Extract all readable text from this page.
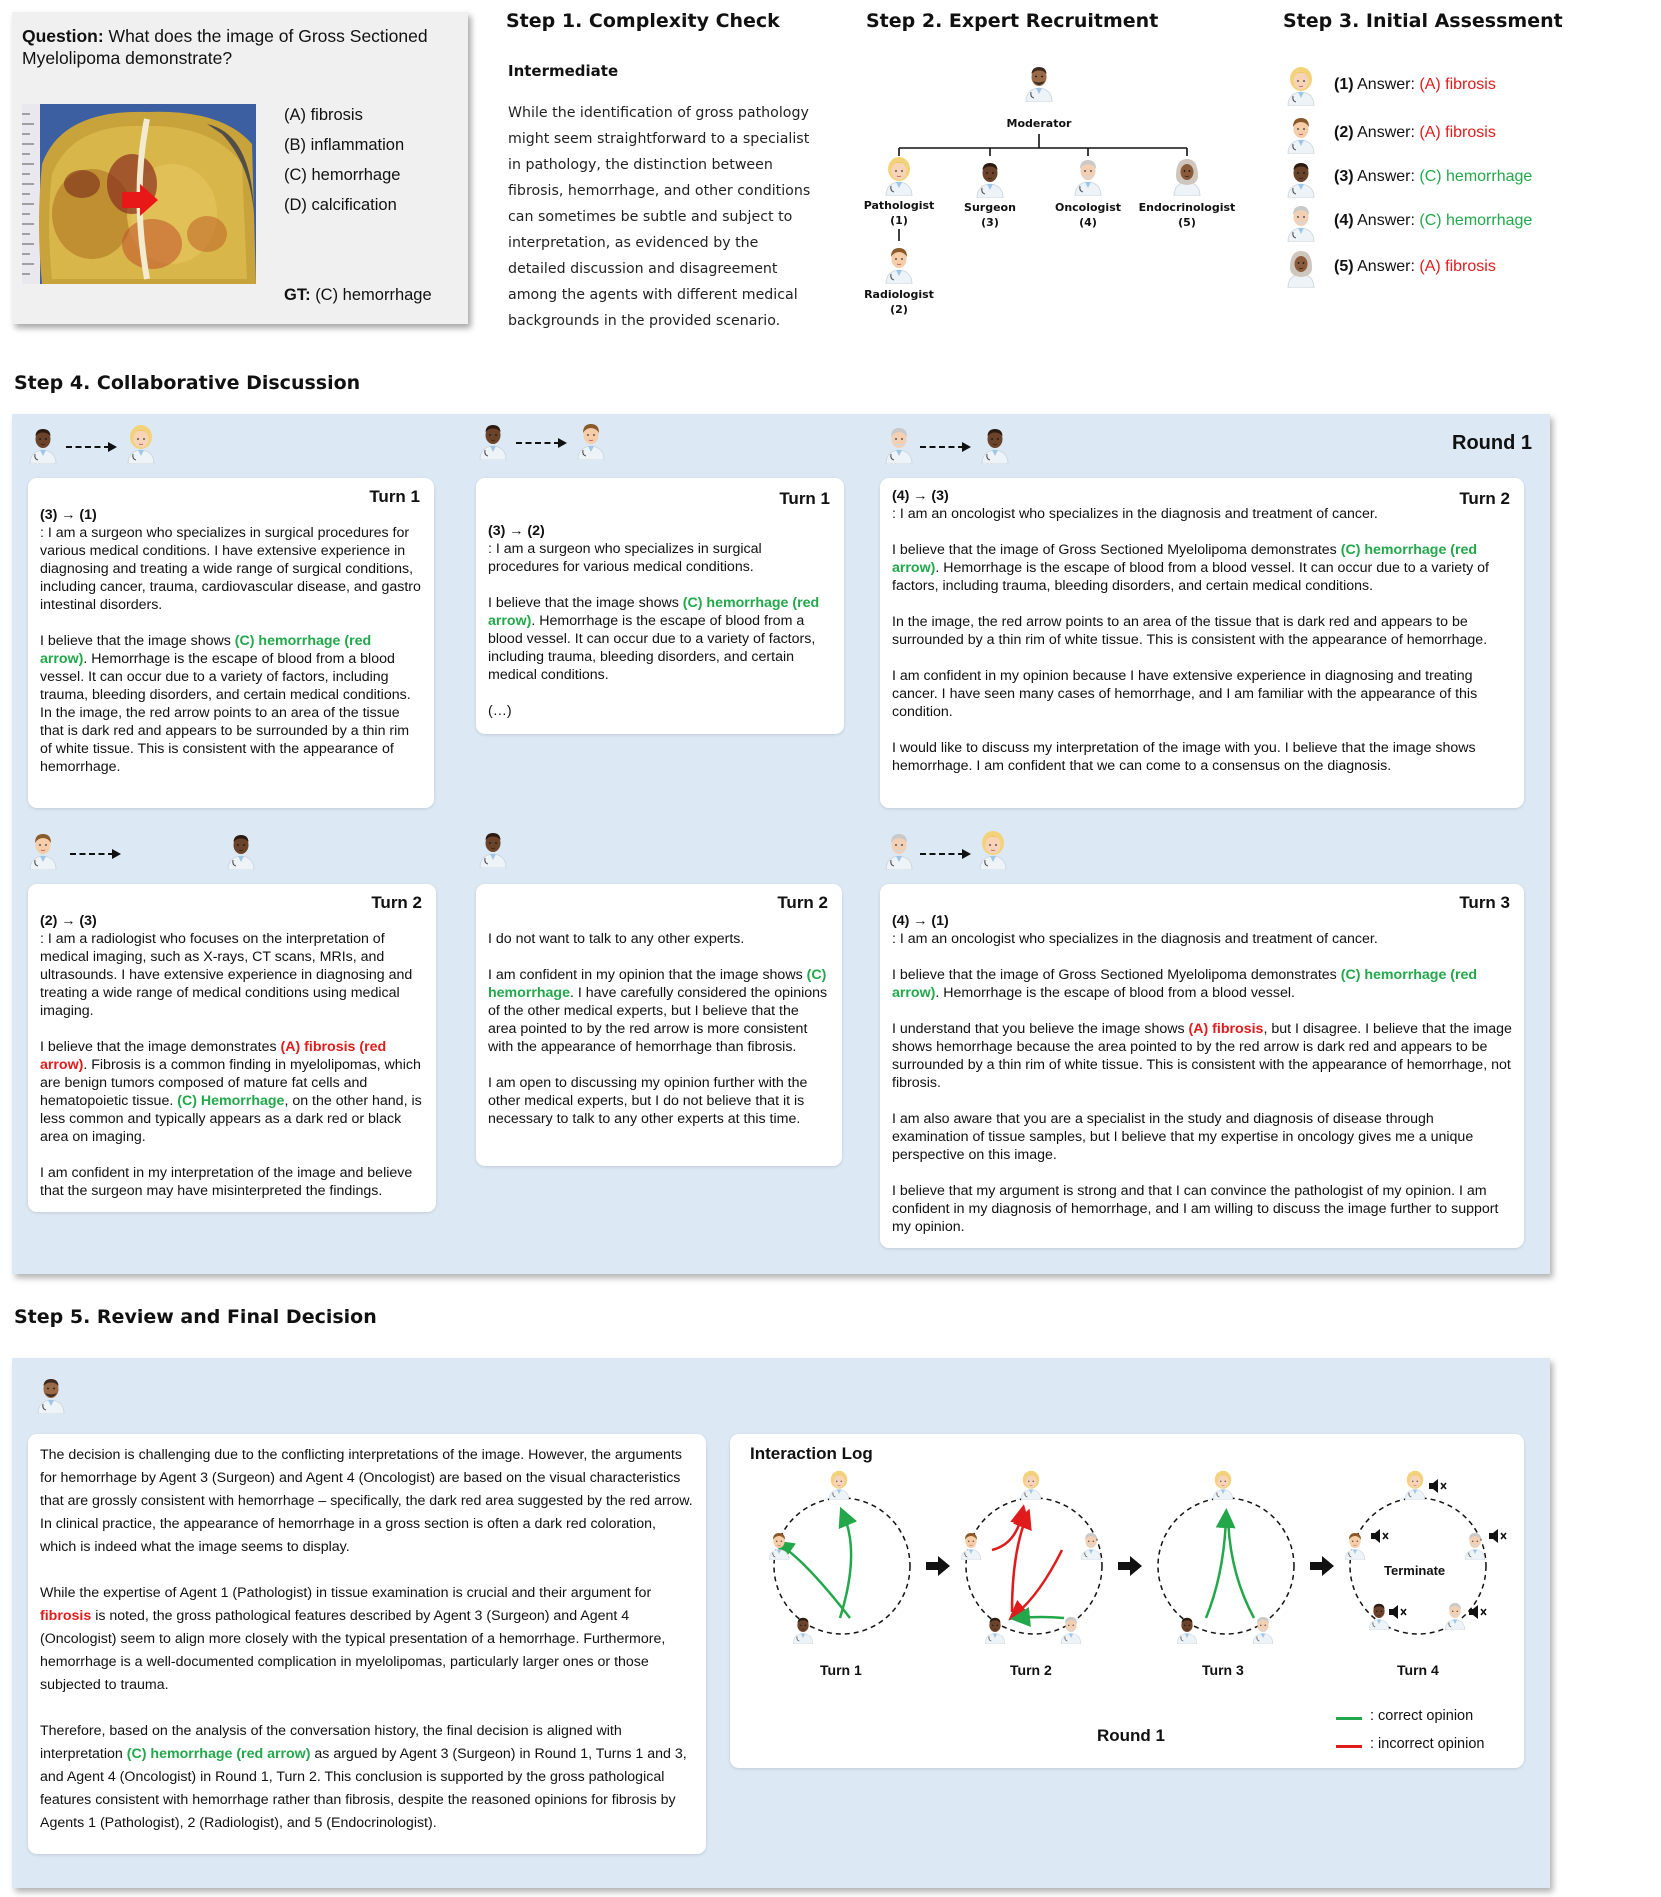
Question: What does the image of Gross Sectioned Myelolipoma demonstrate?
(A) fibrosis
(B) inflammation
(C) hemorrhage
(D) calcification
GT: (C) hemorrhage
Step 1. Complexity Check
Intermediate
While the identification of gross pathology might seem straightforward to a specialist in pathology, the distinction between fibrosis, hemorrhage, and other conditions can sometimes be subtle and subject to interpretation, as evidenced by the detailed discussion and disagreement among the agents with different medical backgrounds in the provided scenario.
Step 2. Expert Recruitment
Moderator
Pathologist
(1)
Surgeon
(3)
Oncologist
(4)
Endocrinologist
(5)
Radiologist
(2)
Step 3. Initial Assessment
(1) Answer: (A) fibrosis
(2) Answer: (A) fibrosis
(3) Answer: (C) hemorrhage
(4) Answer: (C) hemorrhage
(5) Answer: (A) fibrosis
Step 4. Collaborative Discussion
Round 1
Turn 1
(3) → (1)

: I am a surgeon who specializes in surgical procedures for various medical conditions. I have extensive experience in diagnosing and treating a wide range of surgical conditions, including cancer, trauma, cardiovascular disease, and gastro intestinal disorders.

I believe that the image shows (C) hemorrhage (red arrow). Hemorrhage is the escape of blood from a blood vessel. It can occur due to a variety of factors, including trauma, bleeding disorders, and certain medical conditions. In the image, the red arrow points to an area of the tissue that is dark red and appears to be surrounded by a thin rim of white tissue. This is consistent with the appearance of hemorrhage.

Turn 1
(3) → (2)

: I am a surgeon who specializes in surgical procedures for various medical conditions.

I believe that the image shows (C) hemorrhage (red arrow). Hemorrhage is the escape of blood from a blood vessel. It can occur due to a variety of factors, including trauma, bleeding disorders, and certain medical conditions.

(…)

Turn 2
(4) → (3)

: I am an oncologist who specializes in the diagnosis and treatment of cancer.

I believe that the image of Gross Sectioned Myelolipoma demonstrates (C) hemorrhage (red arrow). Hemorrhage is the escape of blood from a blood vessel. It can occur due to a variety of factors, including trauma, bleeding disorders, and certain medical conditions.

In the image, the red arrow points to an area of the tissue that is dark red and appears to be surrounded by a thin rim of white tissue. This is consistent with the appearance of hemorrhage.

I am confident in my opinion because I have extensive experience in diagnosing and treating cancer. I have seen many cases of hemorrhage, and I am familiar with the appearance of this condition.

I would like to discuss my interpretation of the image with you. I believe that the image shows hemorrhage. I am confident that we can come to a consensus on the diagnosis.

Turn 2
(2) → (3)

: I am a radiologist who focuses on the interpretation of medical imaging, such as X-rays, CT scans, MRIs, and ultrasounds. I have extensive experience in diagnosing and treating a wide range of medical conditions using medical imaging.

I believe that the image demonstrates (A) fibrosis (red arrow). Fibrosis is a common finding in myelolipomas, which are benign tumors composed of mature fat cells and hematopoietic tissue. (C) Hemorrhage, on the other hand, is less common and typically appears as a dark red or black area on imaging.

I am confident in my interpretation of the image and believe that the surgeon may have misinterpreted the findings.

Turn 2

I do not want to talk to any other experts.

I am confident in my opinion that the image shows (C) hemorrhage. I have carefully considered the opinions of the other medical experts, but I believe that the area pointed to by the red arrow is more consistent with the appearance of hemorrhage than fibrosis.

I am open to discussing my opinion further with the other medical experts, but I do not believe that it is necessary to talk to any other experts at this time.

Turn 3
(4) → (1)

: I am an oncologist who specializes in the diagnosis and treatment of cancer.

I believe that the image of Gross Sectioned Myelolipoma demonstrates (C) hemorrhage (red arrow). Hemorrhage is the escape of blood from a blood vessel.

I understand that you believe the image shows (A) fibrosis, but I disagree. I believe that the image shows hemorrhage because the area pointed to by the red arrow is dark red and appears to be surrounded by a thin rim of white tissue. This is consistent with the appearance of hemorrhage, not fibrosis.

I am also aware that you are a specialist in the study and diagnosis of disease through examination of tissue samples, but I believe that my expertise in oncology gives me a unique perspective on this image.

I believe that my argument is strong and that I can convince the pathologist of my opinion. I am confident in my diagnosis of hemorrhage, and I am willing to discuss the image further to support my opinion.

Step 5. Review and Final Decision

The decision is challenging due to the conflicting interpretations of the image. However, the arguments for hemorrhage by Agent 3 (Surgeon) and Agent 4 (Oncologist) are based on the visual characteristics that are grossly consistent with hemorrhage – specifically, the dark red area suggested by the red arrow. In clinical practice, the appearance of hemorrhage in a gross section is often a dark red coloration, which is indeed what the image seems to display.

While the expertise of Agent 1 (Pathologist) in tissue examination is crucial and their argument for fibrosis is noted, the gross pathological features described by Agent 3 (Surgeon) and Agent 4 (Oncologist) seem to align more closely with the typical presentation of a hemorrhage. Furthermore, hemorrhage is a well-documented complication in myelolipomas, particularly larger ones or those subjected to trauma.

Therefore, based on the analysis of the conversation history, the final decision is aligned with interpretation (C) hemorrhage (red arrow) as argued by Agent 3 (Surgeon) in Round 1, Turns 1 and 3, and Agent 4 (Oncologist) in Round 1, Turn 2. This conclusion is supported by the gross pathological features consistent with hemorrhage rather than fibrosis, despite the reasoned opinions for fibrosis by Agents 1 (Pathologist), 2 (Radiologist), and 5 (Endocrinologist).

Interaction Log
Terminate
Turn 1	Turn 2	Turn 3	Turn 4
Round 1
: correct opinion
: incorrect opinion
